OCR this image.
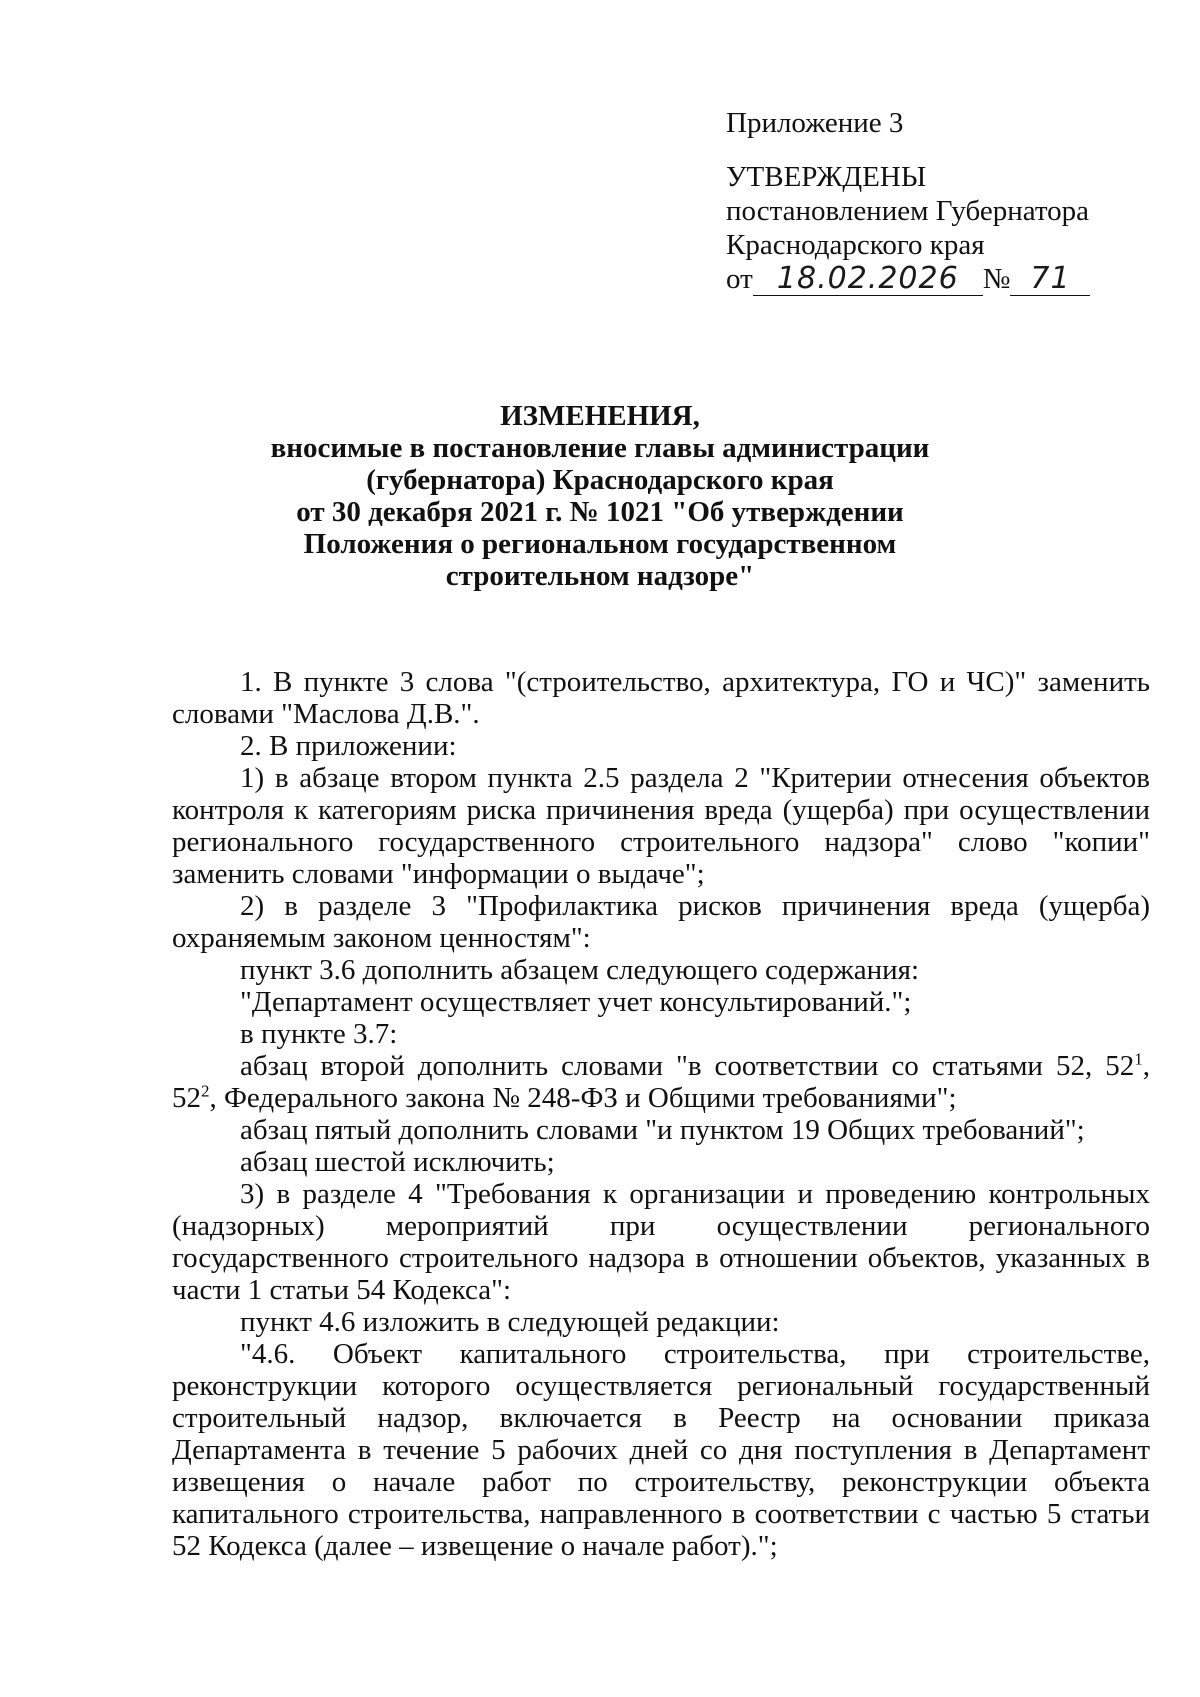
Приложение 3
УТВЕРЖДЕНЫ
постановлением Губернатора
Краснодарского края
от 18.02.2026 № 71
ИЗМЕНЕНИЯ,
вносимые в постановление главы администрации
(губернатора) Краснодарского края
от 30 декабря 2021 г. № 1021 "Об утверждении
Положения о региональном государственном
строительном надзоре"

1. В пункте 3 слова "(строительство, архитектура, ГО и ЧС)" заменить словами "Маслова Д.В.".

2. В приложении:

1) в абзаце втором пункта 2.5 раздела 2 "Критерии отнесения объектов контроля к категориям риска причинения вреда (ущерба) при осуществлении регионального государственного строительного надзора" слово "копии" заменить словами "информации о выдаче";

2) в разделе 3 "Профилактика рисков причинения вреда (ущерба) охраняемым законом ценностям":

пункт 3.6 дополнить абзацем следующего содержания:

"Департамент осуществляет учет консультирований.";

в пункте 3.7:

абзац второй дополнить словами "в соответствии со статьями 52, $52^1$, $52^2$, Федерального закона № 248-ФЗ и Общими требованиями";

абзац пятый дополнить словами "и пунктом 19 Общих требований";

абзац шестой исключить;

3) в разделе 4 "Требования к организации и проведению контрольных (надзорных) мероприятий при осуществлении регионального государственного строительного надзора в отношении объектов, указанных в части 1 статьи 54 Кодекса":

пункт 4.6 изложить в следующей редакции:

"4.6. Объект капитального строительства, при строительстве, реконструкции которого осуществляется региональный государственный строительный надзор, включается в Реестр на основании приказа Департамента в течение 5 рабочих дней со дня поступления в Департамент извещения о начале работ по строительству, реконструкции объекта капитального строительства, направленного в соответствии с частью 5 статьи 52 Кодекса (далее – извещение о начале работ).";
